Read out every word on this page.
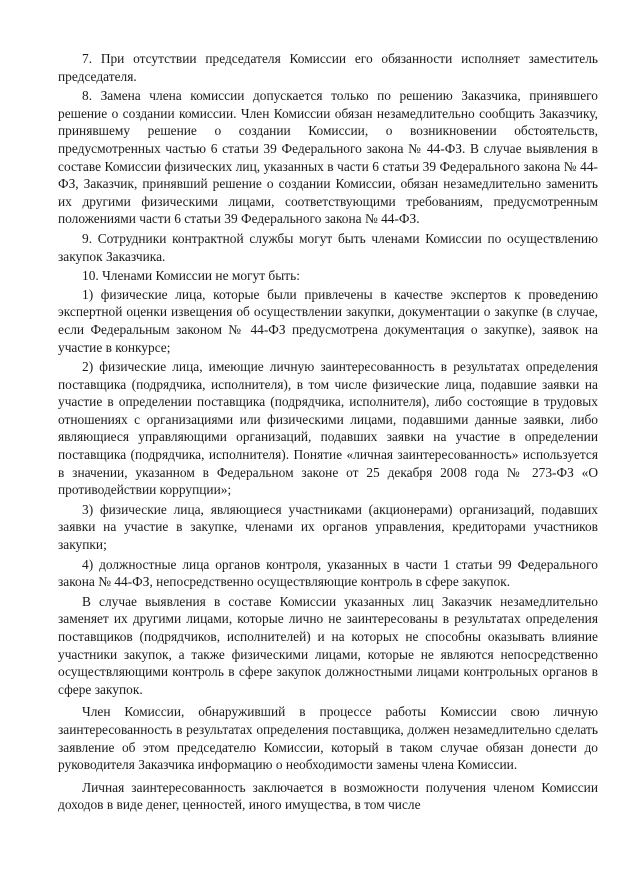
7. При отсутствии председателя Комиссии его обязанности исполняет заместитель председателя.

8. Замена члена комиссии допускается только по решению Заказчика, принявшего решение о создании комиссии. Член Комиссии обязан незамедлительно сообщить Заказчику, принявшему решение о создании Комиссии, о возникновении обстоятельств, предусмотренных частью 6 статьи 39 Федерального закона № 44-ФЗ. В случае выявления в составе Комиссии физических лиц, указанных в части 6 статьи 39 Федерального закона № 44-ФЗ, Заказчик, принявший решение о создании Комиссии, обязан незамедлительно заменить их другими физическими лицами, соответствующими требованиям, предусмотренным положениями части 6 статьи 39 Федерального закона № 44-ФЗ.

9. Сотрудники контрактной службы могут быть членами Комиссии по осуществлению закупок Заказчика.

10. Членами Комиссии не могут быть:

1) физические лица, которые были привлечены в качестве экспертов к проведению экспертной оценки извещения об осуществлении закупки, документации о закупке (в случае, если Федеральным законом № 44-ФЗ предусмотрена документация о закупке), заявок на участие в конкурсе;

2) физические лица, имеющие личную заинтересованность в результатах определения поставщика (подрядчика, исполнителя), в том числе физические лица, подавшие заявки на участие в определении поставщика (подрядчика, исполнителя), либо состоящие в трудовых отношениях с организациями или физическими лицами, подавшими данные заявки, либо являющиеся управляющими организаций, подавших заявки на участие в определении поставщика (подрядчика, исполнителя). Понятие «личная заинтересованность» используется в значении, указанном в Федеральном законе от 25 декабря 2008 года № 273-ФЗ «О противодействии коррупции»;

3) физические лица, являющиеся участниками (акционерами) организаций, подавших заявки на участие в закупке, членами их органов управления, кредиторами участников закупки;

4) должностные лица органов контроля, указанных в части 1 статьи 99 Федерального закона № 44-ФЗ, непосредственно осуществляющие контроль в сфере закупок.

В случае выявления в составе Комиссии указанных лиц Заказчик незамедлительно заменяет их другими лицами, которые лично не заинтересованы в результатах определения поставщиков (подрядчиков, исполнителей) и на которых не способны оказывать влияние участники закупок, а также физическими лицами, которые не являются непосредственно осуществляющими контроль в сфере закупок должностными лицами контрольных органов в сфере закупок.

Член Комиссии, обнаруживший в процессе работы Комиссии свою личную заинтересованность в результатах определения поставщика, должен незамедлительно сделать заявление об этом председателю Комиссии, который в таком случае обязан донести до руководителя Заказчика информацию о необходимости замены члена Комиссии.

Личная заинтересованность заключается в возможности получения членом Комиссии доходов в виде денег, ценностей, иного имущества, в том числе
